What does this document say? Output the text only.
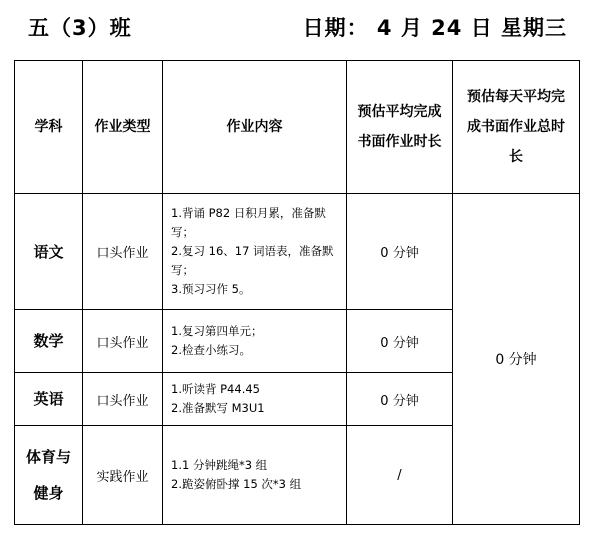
五（3）班	日期： 4 月 24 日 星期三
学科	作业类型	作业内容	预估平均完成书面作业时长	预估每天平均完成书面作业总时长
语文	口头作业	1.背诵 P82 日积月累，准备默写；
2.复习 16、17 词语表，准备默写；
3.预习习作 5。	0 分钟	0 分钟
数学	口头作业	1.复习第四单元；
2.检查小练习。	0 分钟	
英语	口头作业	1.听读背 P44.45
2.准备默写 M3U1	0 分钟	
体育与健身	实践作业	1.1 分钟跳绳*3 组
2.跪姿俯卧撑 15 次*3 组	/	
